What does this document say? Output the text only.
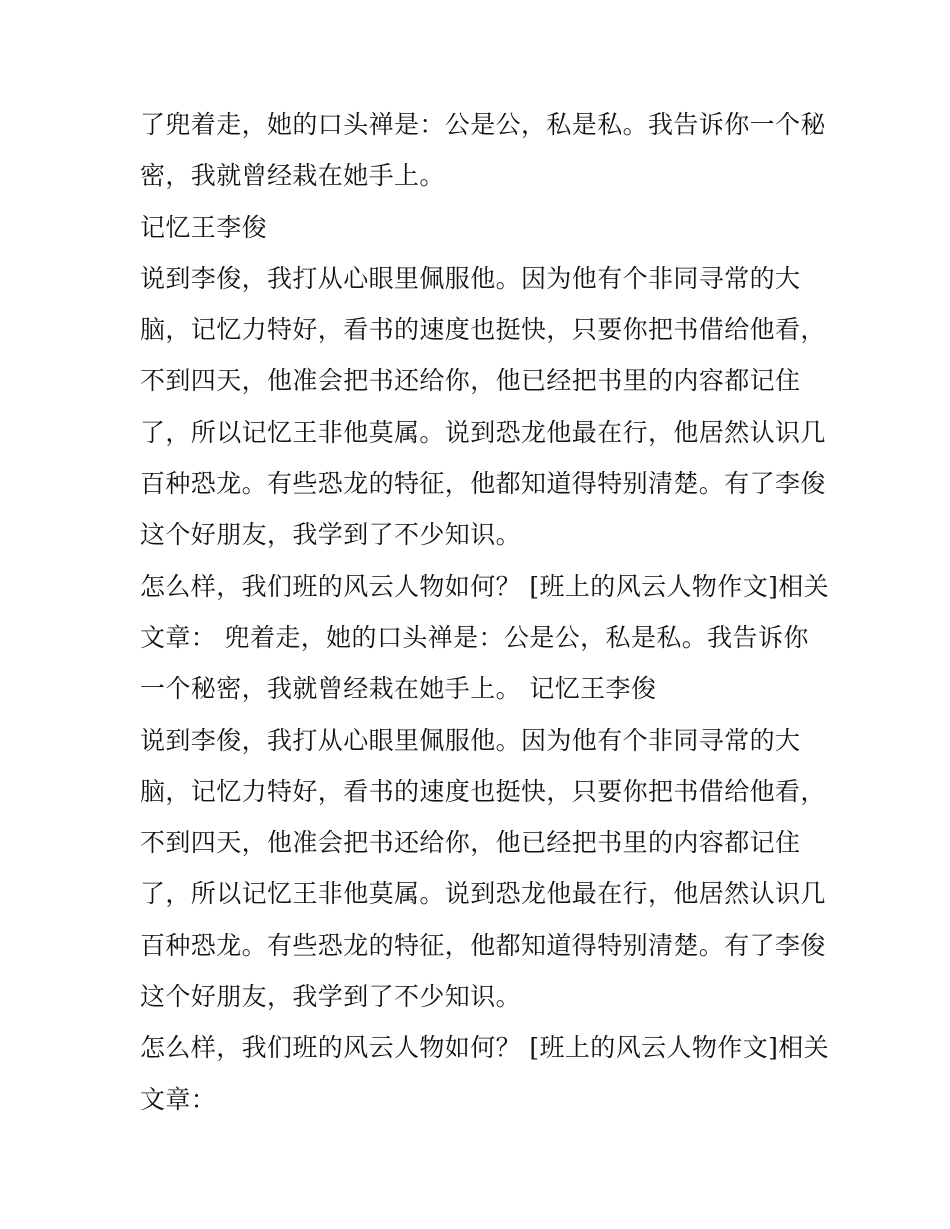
了兜着走，她的口头禅是：公是公，私是私。我告诉你一个秘
密，我就曾经栽在她手上。
记忆王李俊
说到李俊，我打从心眼里佩服他。因为他有个非同寻常的大
脑，记忆力特好，看书的速度也挺快，只要你把书借给他看，
不到四天，他准会把书还给你，他已经把书里的内容都记住
了，所以记忆王非他莫属。说到恐龙他最在行，他居然认识几
百种恐龙。有些恐龙的特征，他都知道得特别清楚。有了李俊
这个好朋友，我学到了不少知识。
怎么样，我们班的风云人物如何？ [班上的风云人物作文]相关
文章： 兜着走，她的口头禅是：公是公，私是私。我告诉你
一个秘密，我就曾经栽在她手上。 记忆王李俊
说到李俊，我打从心眼里佩服他。因为他有个非同寻常的大
脑，记忆力特好，看书的速度也挺快，只要你把书借给他看，
不到四天，他准会把书还给你，他已经把书里的内容都记住
了，所以记忆王非他莫属。说到恐龙他最在行，他居然认识几
百种恐龙。有些恐龙的特征，他都知道得特别清楚。有了李俊
这个好朋友，我学到了不少知识。
怎么样，我们班的风云人物如何？ [班上的风云人物作文]相关
文章：
